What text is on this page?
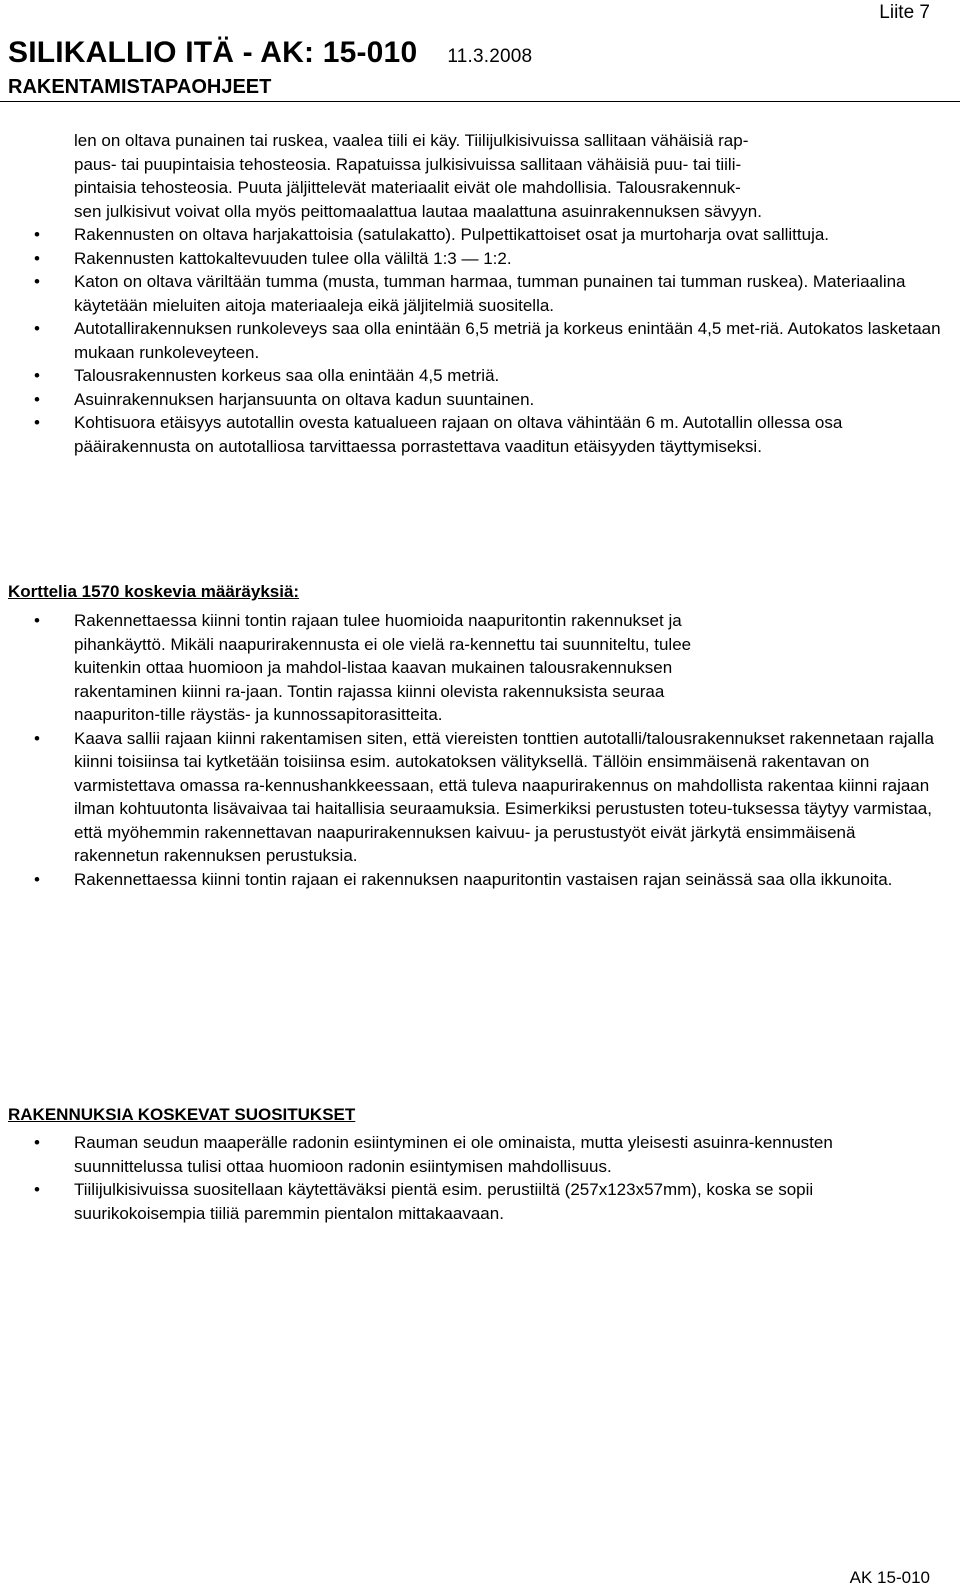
Liite 7
SILIKALLIO ITÄ - AK: 15-010 11.3.2008
RAKENTAMISTAPAOHJEET
len on oltava punainen tai ruskea, vaalea tiili ei käy. Tiilijulkisivuissa sallitaan vähäisiä rap-
paus- tai puupintaisia tehosteosia. Rapatuissa julkisivuissa sallitaan vähäisiä puu- tai tiili-
pintaisia tehosteosia. Puuta jäljittelevät materiaalit eivät ole mahdollisia. Talousrakennuk-
sen julkisivut voivat olla myös peittomaalattua lautaa maalattuna asuinrakennuksen sävyyn.
• Rakennusten on oltava harjakattoisia (satulakatto). Pulpettikattoiset osat ja murtoharja ovat sallittuja.
• Rakennusten kattokaltevuuden tulee olla väliltä 1:3 — 1:2.
• Katon on oltava väriltään tumma (musta, tumman harmaa, tumman punainen tai tumman ruskea). Materiaalina käytetään mieluiten aitoja materiaaleja eikä jäljitelmiä suositella.
• Autotallirakennuksen runkoleveys saa olla enintään 6,5 metriä ja korkeus enintään 4,5 met-riä. Autokatos lasketaan mukaan runkoleveyteen.
• Talousrakennusten korkeus saa olla enintään 4,5 metriä.
• Asuinrakennuksen harjansuunta on oltava kadun suuntainen.
• Kohtisuora etäisyys autotallin ovesta katualueen rajaan on oltava vähintään 6 m. Autotallin ollessa osa pääirakennusta on autotalliosa tarvittaessa porrastettava vaaditun etäisyyden täyttymiseksi.
Korttelia 1570 koskevia määräyksiä:
• Rakennettaessa kiinni tontin rajaan tulee huomioida naapuritontin rakennukset ja pihankäyttö. Mikäli naapurirakennusta ei ole vielä ra-kennettu tai suunniteltu, tulee kuitenkin ottaa huomioon ja mahdol-listaa kaavan mukainen talousrakennuksen rakentaminen kiinni ra-jaan. Tontin rajassa kiinni olevista rakennuksista seuraa naapuriton-tille räystäs- ja kunnossapitorasitteita.
• Kaava sallii rajaan kiinni rakentamisen siten, että viereisten tonttien autotalli/talousrakennukset rakennetaan rajalla kiinni toisiinsa tai kytketään toisiinsa esim. autokatoksen välityksellä. Tällöin ensimmäisenä rakentavan on varmistettava omassa ra-kennushankkeessaan, että tuleva naapurirakennus on mahdollista rakentaa kiinni rajaan ilman kohtuutonta lisävaivaa tai haitallisia seuraamuksia. Esimerkiksi perustusten toteu-tuksessa täytyy varmistaa, että myöhemmin rakennettavan naapurirakennuksen kaivuu- ja perustustyöt eivät järkytä ensimmäisenä rakennetun rakennuksen perustuksia.
• Rakennettaessa kiinni tontin rajaan ei rakennuksen naapuritontin vastaisen rajan seinässä saa olla ikkunoita.
RAKENNUKSIA KOSKEVAT SUOSITUKSET
• Rauman seudun maaperälle radonin esiintyminen ei ole ominaista, mutta yleisesti asuinra-kennusten suunnittelussa tulisi ottaa huomioon radonin esiintymisen mahdollisuus.
• Tiilijulkisivuissa suositellaan käytettäväksi pientä esim. perustiiltä (257x123x57mm), koska se sopii suurikokoisempia tiiliä paremmin pientalon mittakaavaan.
AK 15-010
